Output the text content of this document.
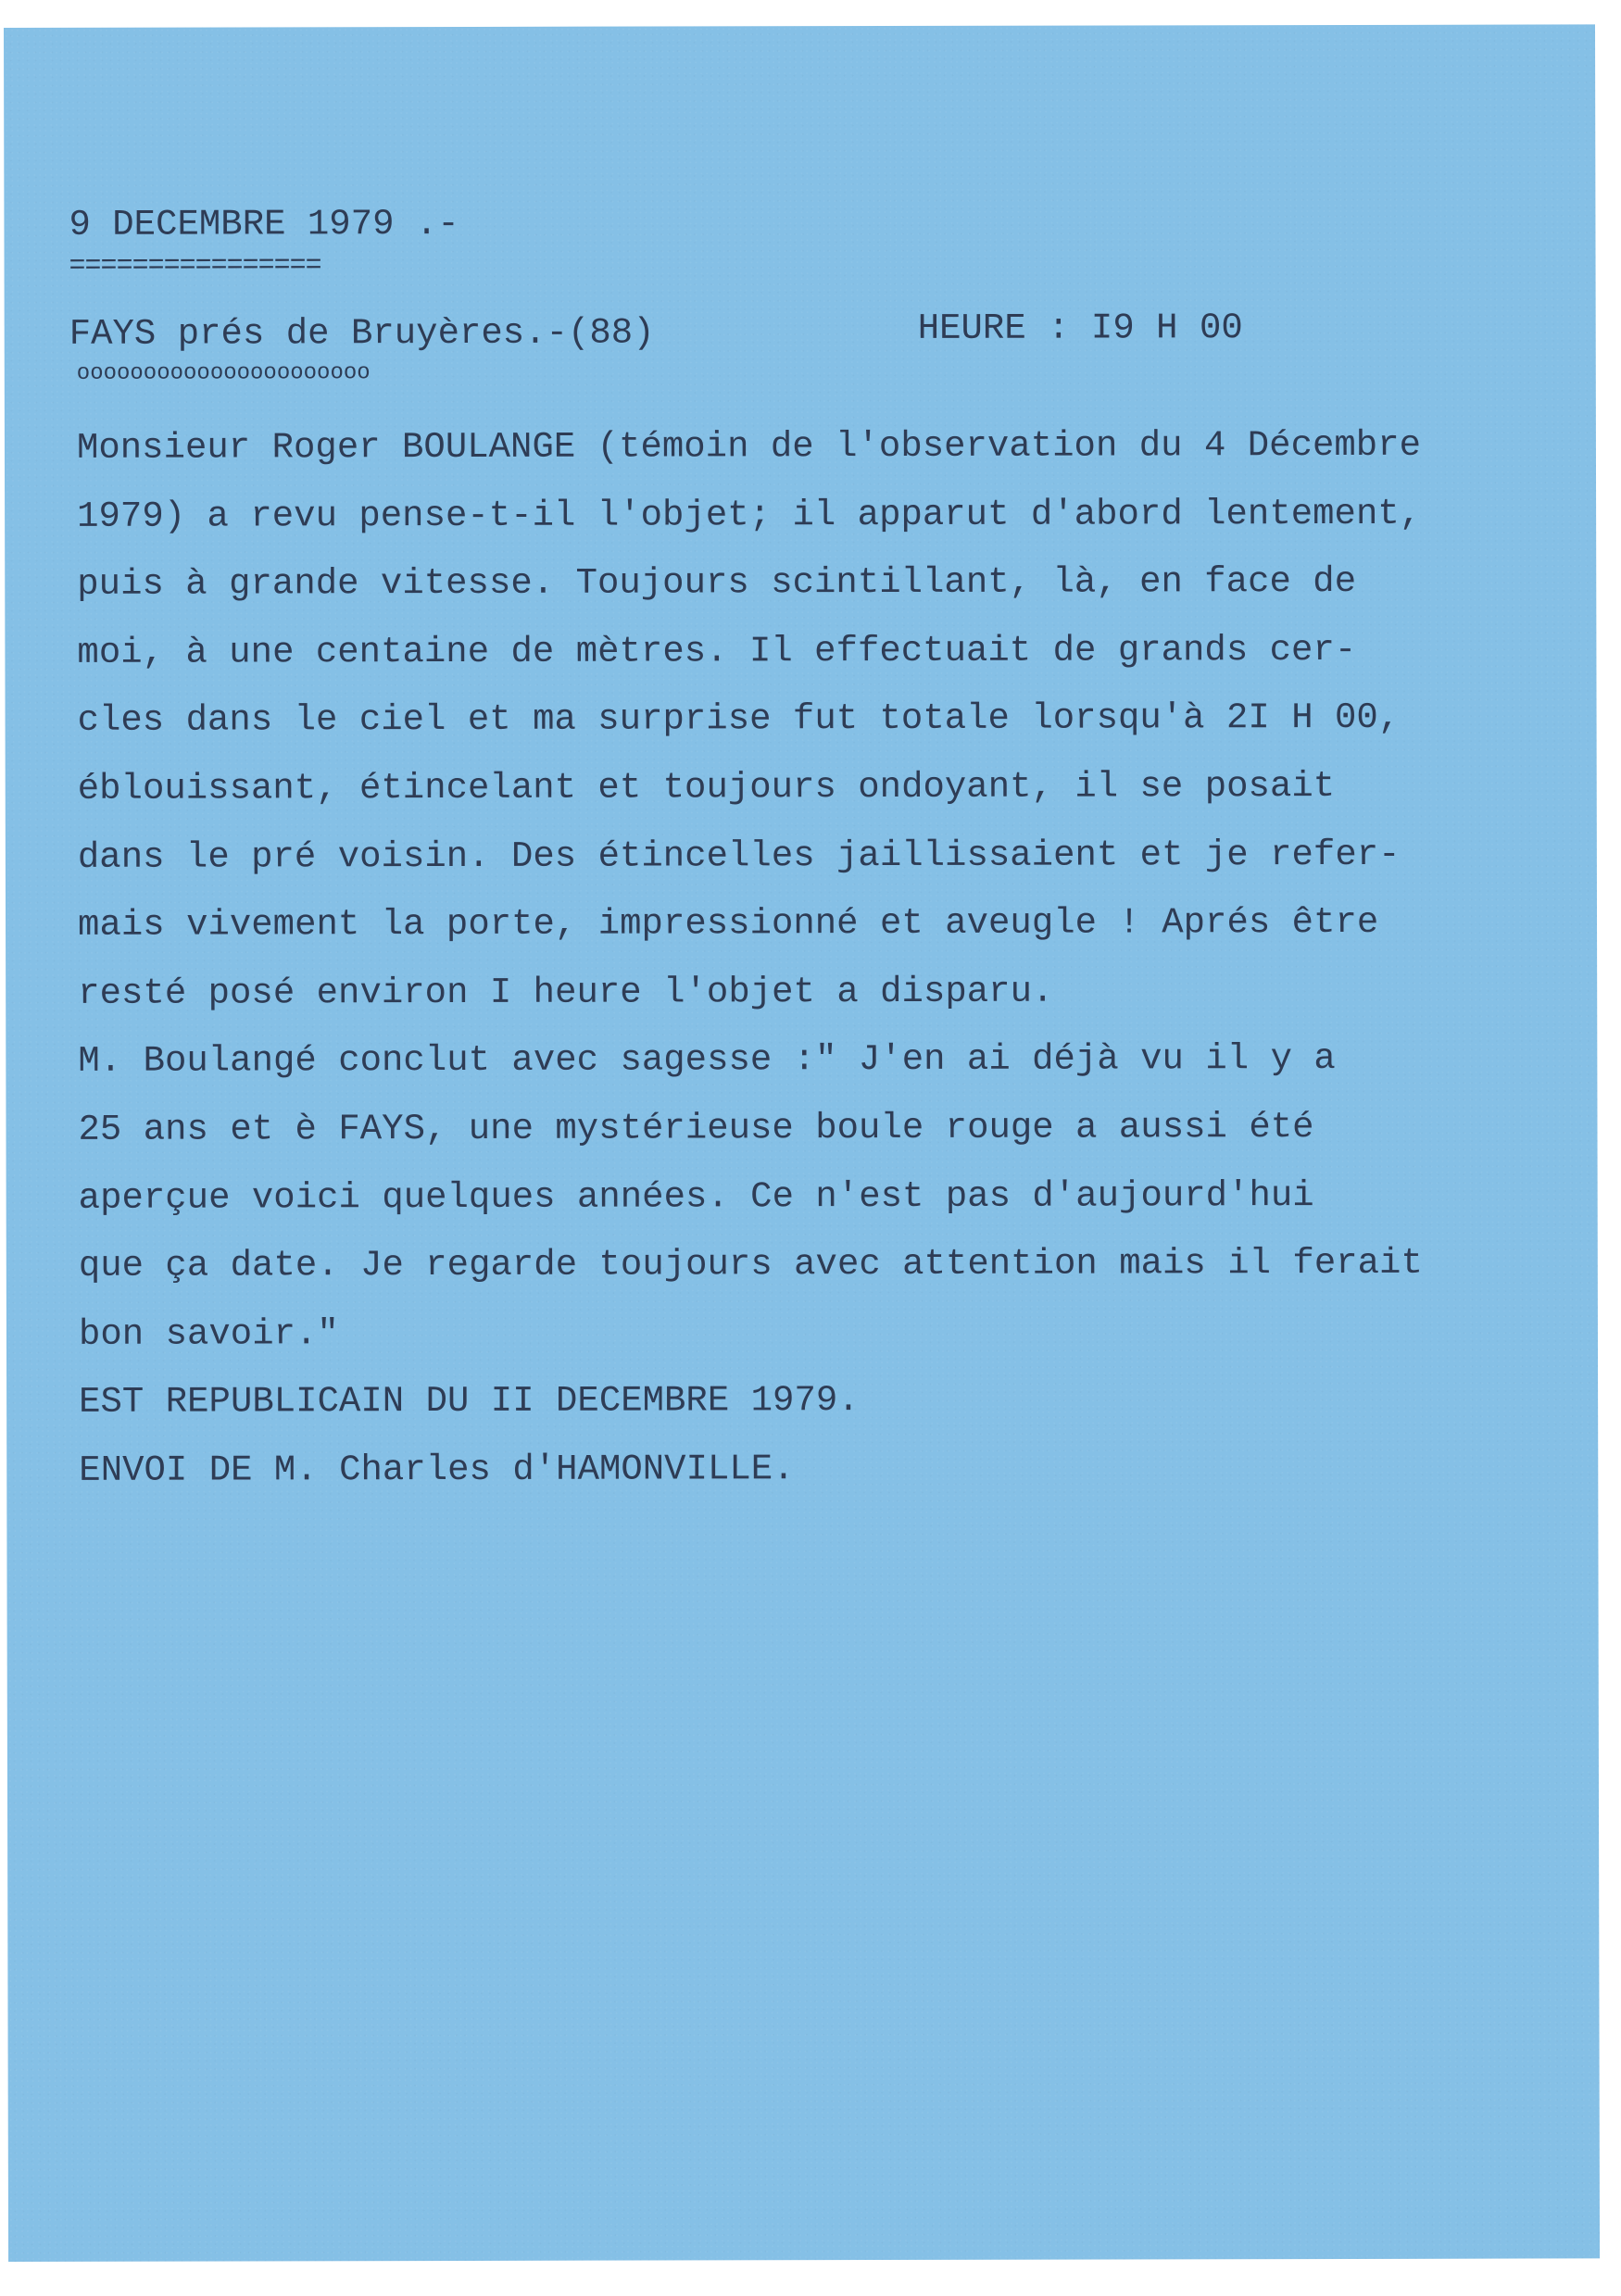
9 DECEMBRE 1979 .-
================
FAYS prés de Bruyères.-(88)	HEURE : I9 H 00
oooooooooooooooooooooo
Monsieur Roger BOULANGE (témoin de l'observation du 4 Décembre
1979) a revu pense-t-il l'objet; il apparut d'abord lentement,
puis à grande vitesse. Toujours scintillant, là, en face de
moi, à une centaine de mètres. Il effectuait de grands cer-
cles dans le ciel et ma surprise fut totale lorsqu'à 2I H 00,
éblouissant, étincelant et toujours ondoyant, il se posait
dans le pré voisin. Des étincelles jaillissaient et je refer-
mais vivement la porte, impressionné et aveugle ! Aprés être
resté posé environ I heure l'objet a disparu.
M. Boulangé conclut avec sagesse :" J'en ai déjà vu il y a
25 ans et è FAYS, une mystérieuse boule rouge a aussi été
aperçue voici quelques années. Ce n'est pas d'aujourd'hui
que ça date. Je regarde toujours avec attention mais il ferait
bon savoir."
EST REPUBLICAIN DU II DECEMBRE 1979.
ENVOI DE M. Charles d'HAMONVILLE.
